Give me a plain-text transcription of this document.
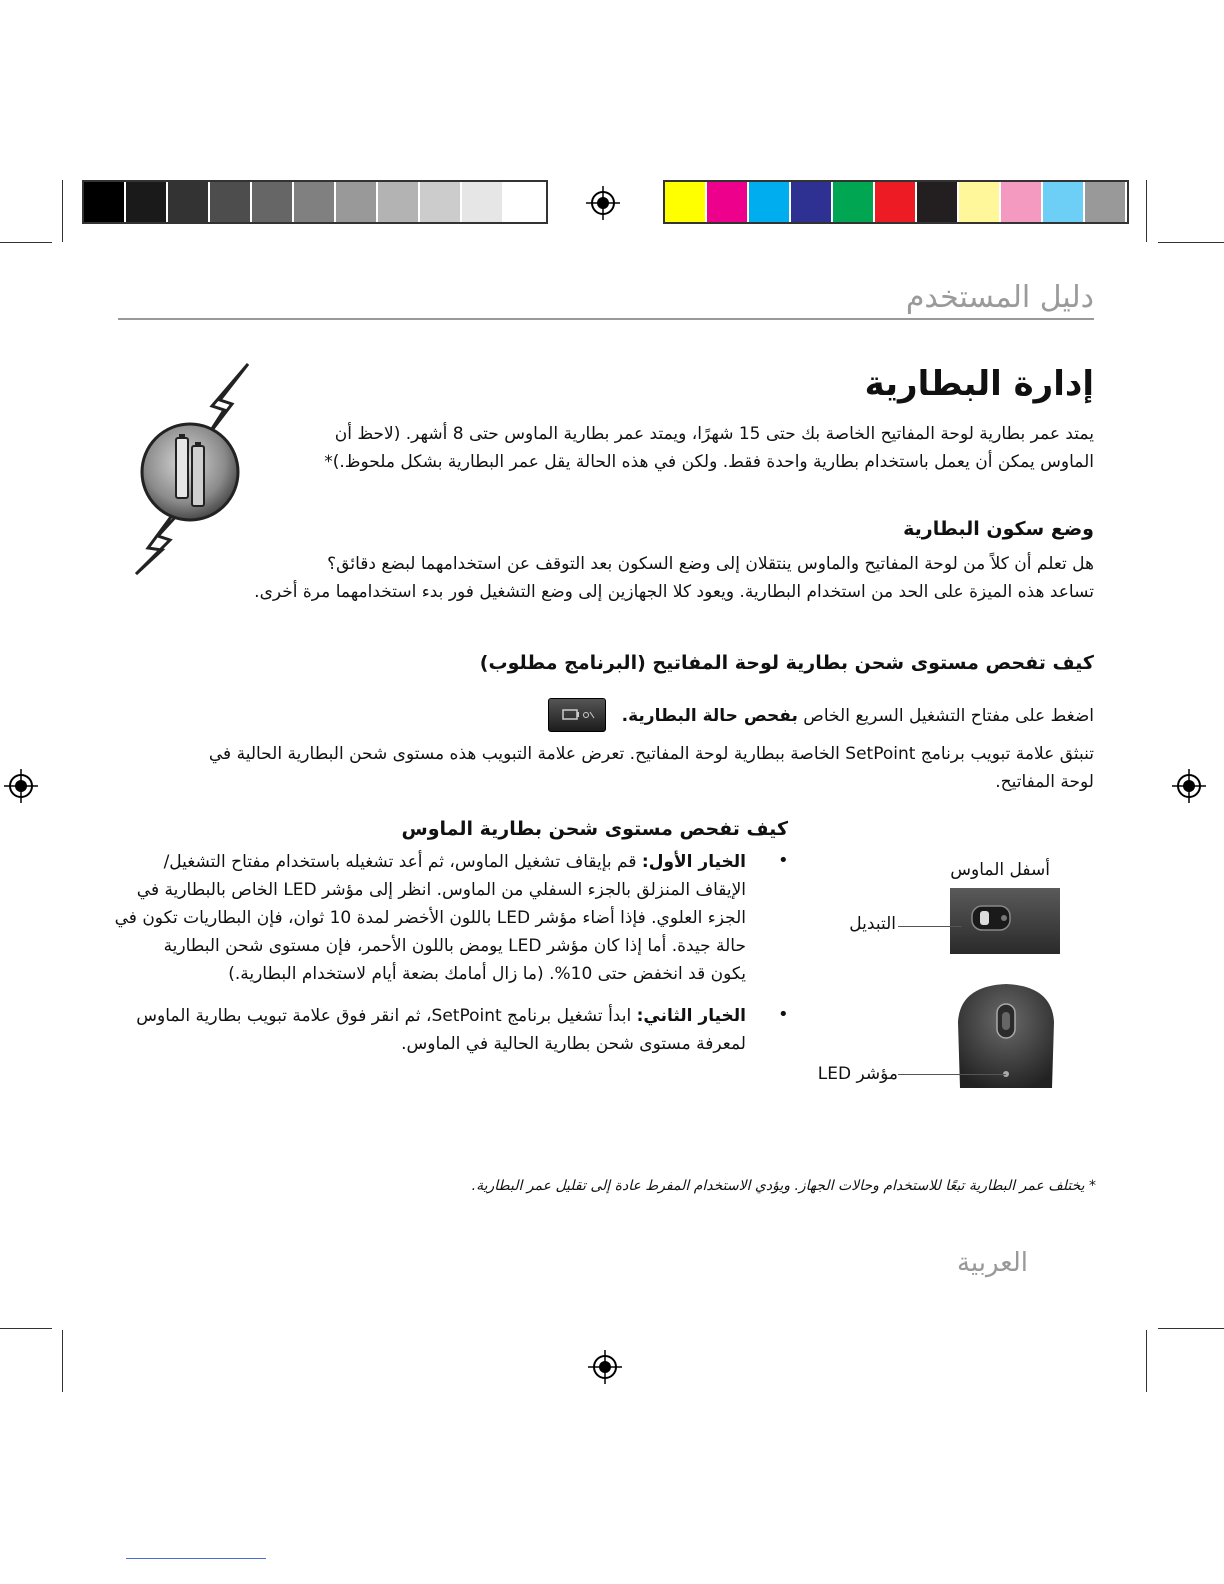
دليل المستخدم
إدارة البطارية
يمتد عمر بطارية لوحة المفاتيح الخاصة بك حتى 15 شهرًا، ويمتد عمر بطارية الماوس حتى 8 أشهر. (لاحظ أن
الماوس يمكن أن يعمل باستخدام بطارية واحدة فقط. ولكن في هذه الحالة يقل عمر البطارية بشكل ملحوظ.)*
وضع سكون البطارية
هل تعلم أن كلاً من لوحة المفاتيح والماوس ينتقلان إلى وضع السكون بعد التوقف عن استخدامهما لبضع دقائق؟
تساعد هذه الميزة على الحد من استخدام البطارية. ويعود كلا الجهازين إلى وضع التشغيل فور بدء استخدامهما مرة أخرى.
كيف تفحص مستوى شحن بطارية لوحة المفاتيح (البرنامج مطلوب)
اضغط على مفتاح التشغيل السريع الخاص بفحص حالة البطارية.
تنبثق علامة تبويب برنامج SetPoint الخاصة ببطارية لوحة المفاتيح. تعرض علامة التبويب هذه مستوى شحن البطارية الحالية في
لوحة المفاتيح.
كيف تفحص مستوى شحن بطارية الماوس
•
الخيار الأول: قم بإيقاف تشغيل الماوس، ثم أعد تشغيله باستخدام مفتاح التشغيل/
الإيقاف المنزلق بالجزء السفلي من الماوس. انظر إلى مؤشر LED الخاص بالبطارية في
الجزء العلوي. فإذا أضاء مؤشر LED باللون الأخضر لمدة 10 ثوان، فإن البطاريات تكون في
حالة جيدة. أما إذا كان مؤشر LED يومض باللون الأحمر، فإن مستوى شحن البطارية
يكون قد انخفض حتى 10%. (ما زال أمامك بضعة أيام لاستخدام البطارية.)
•
الخيار الثاني: ابدأ تشغيل برنامج SetPoint، ثم انقر فوق علامة تبويب بطارية الماوس
لمعرفة مستوى شحن بطارية الحالية في الماوس.
أسفل الماوس
التبديل
مؤشر LED
* يختلف عمر البطارية تبعًا للاستخدام وحالات الجهاز. ويؤدي الاستخدام المفرط عادة إلى تقليل عمر البطارية.
العربية
